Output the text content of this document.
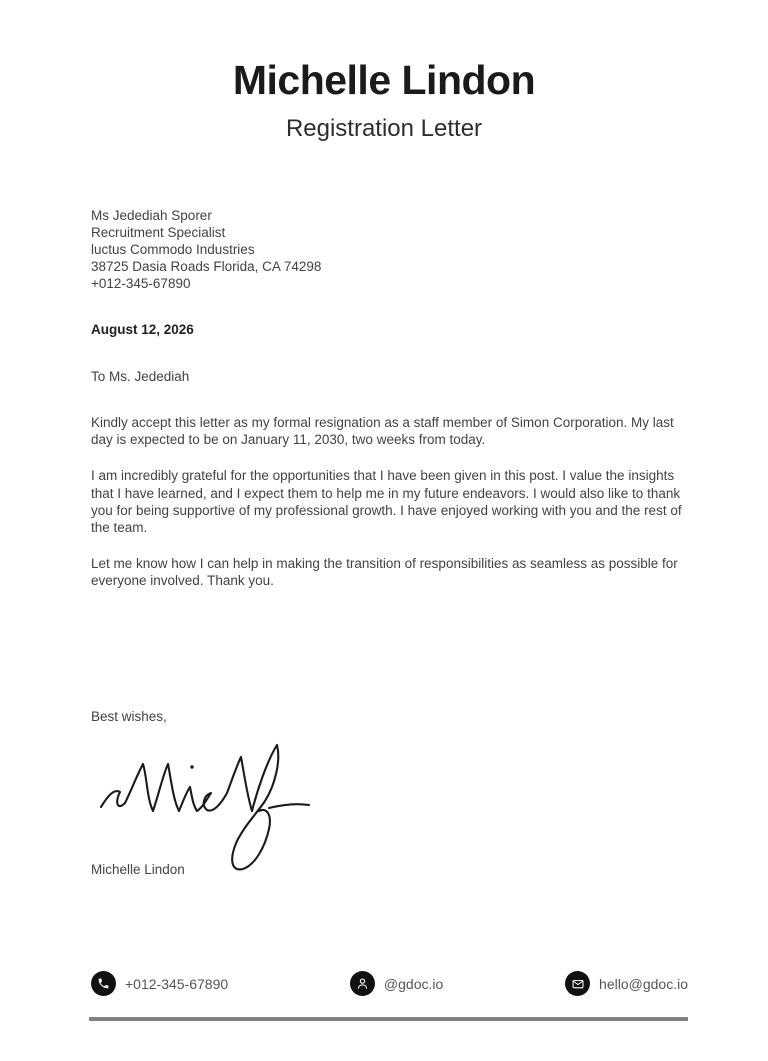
Michelle Lindon
Registration Letter
Ms Jedediah Sporer
Recruitment Specialist
luctus Commodo Industries
38725 Dasia Roads Florida, CA 74298
+012-345-67890
August 12, 2026
To Ms. Jedediah

Kindly accept this letter as my formal resignation as a staff member of Simon Corporation. My last day is expected to be on January 11, 2030, two weeks from today.

I am incredibly grateful for the opportunities that I have been given in this post. I value the insights that I have learned, and I expect them to help me in my future endeavors. I would also like to thank you for being supportive of my professional growth. I have enjoyed working with you and the rest of the team.

Let me know how I can help in making the transition of responsibilities as seamless as possible for everyone involved. Thank you.

Best wishes,
Michelle Lindon
+012-345-67890	@gdoc.io	hello@gdoc.io
